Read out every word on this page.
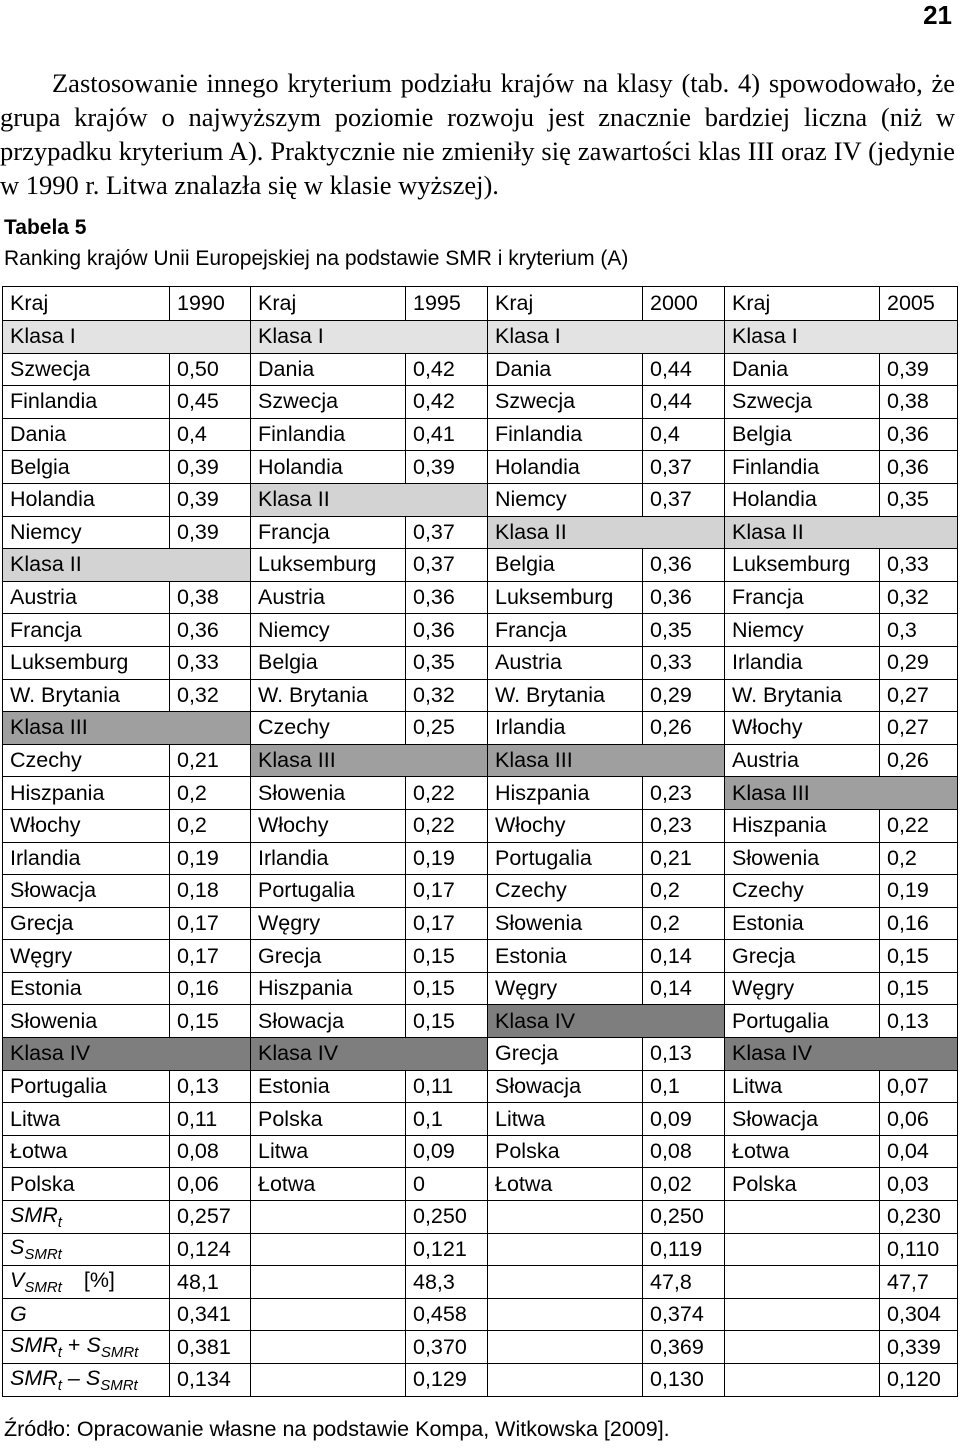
21

Zastosowanie innego kryterium podziału krajów na klasy (tab. 4) spowodowało, że grupa krajów o najwyższym poziomie rozwoju jest znacznie bardziej liczna (niż w przypadku kryterium A). Praktycznie nie zmieniły się zawartości klas III oraz IV (jedynie w 1990 r. Litwa znalazła się w klasie wyższej).

Tabela 5
Ranking krajów Unii Europejskiej na podstawie SMR i kryterium (A)
Kraj	1990	Kraj	1995	Kraj	2000	Kraj	2005
Klasa I		Klasa I		Klasa I		Klasa I	
Szwecja	0,50	Dania	0,42	Dania	0,44	Dania	0,39
Finlandia	0,45	Szwecja	0,42	Szwecja	0,44	Szwecja	0,38
Dania	0,4	Finlandia	0,41	Finlandia	0,4	Belgia	0,36
Belgia	0,39	Holandia	0,39	Holandia	0,37	Finlandia	0,36
Holandia	0,39	Klasa II		Niemcy	0,37	Holandia	0,35
Niemcy	0,39	Francja	0,37	Klasa II		Klasa II	
Klasa II		Luksemburg	0,37	Belgia	0,36	Luksemburg	0,33
Austria	0,38	Austria	0,36	Luksemburg	0,36	Francja	0,32
Francja	0,36	Niemcy	0,36	Francja	0,35	Niemcy	0,3
Luksemburg	0,33	Belgia	0,35	Austria	0,33	Irlandia	0,29
W. Brytania	0,32	W. Brytania	0,32	W. Brytania	0,29	W. Brytania	0,27
Klasa III		Czechy	0,25	Irlandia	0,26	Włochy	0,27
Czechy	0,21	Klasa III		Klasa III		Austria	0,26
Hiszpania	0,2	Słowenia	0,22	Hiszpania	0,23	Klasa III	
Włochy	0,2	Włochy	0,22	Włochy	0,23	Hiszpania	0,22
Irlandia	0,19	Irlandia	0,19	Portugalia	0,21	Słowenia	0,2
Słowacja	0,18	Portugalia	0,17	Czechy	0,2	Czechy	0,19
Grecja	0,17	Węgry	0,17	Słowenia	0,2	Estonia	0,16
Węgry	0,17	Grecja	0,15	Estonia	0,14	Grecja	0,15
Estonia	0,16	Hiszpania	0,15	Węgry	0,14	Węgry	0,15
Słowenia	0,15	Słowacja	0,15	Klasa IV		Portugalia	0,13
Klasa IV		Klasa IV		Grecja	0,13	Klasa IV	
Portugalia	0,13	Estonia	0,11	Słowacja	0,1	Litwa	0,07
Litwa	0,11	Polska	0,1	Litwa	0,09	Słowacja	0,06
Łotwa	0,08	Litwa	0,09	Polska	0,08	Łotwa	0,04
Polska	0,06	Łotwa	0	Łotwa	0,02	Polska	0,03
$SMR_t$	0,257		0,250		0,250		0,230
$S_{SMRt}$	0,124		0,121		0,119		0,110
$V_{SMRt}$ [%]	48,1		48,3		47,8		47,7
G	0,341		0,458		0,374		0,304
$SMR_t + S_{SMRt}$	0,381		0,370		0,369		0,339
$SMR_t - S_{SMRt}$	0,134		0,129		0,130		0,120
Źródło: Opracowanie własne na podstawie Kompa, Witkowska [2009].
